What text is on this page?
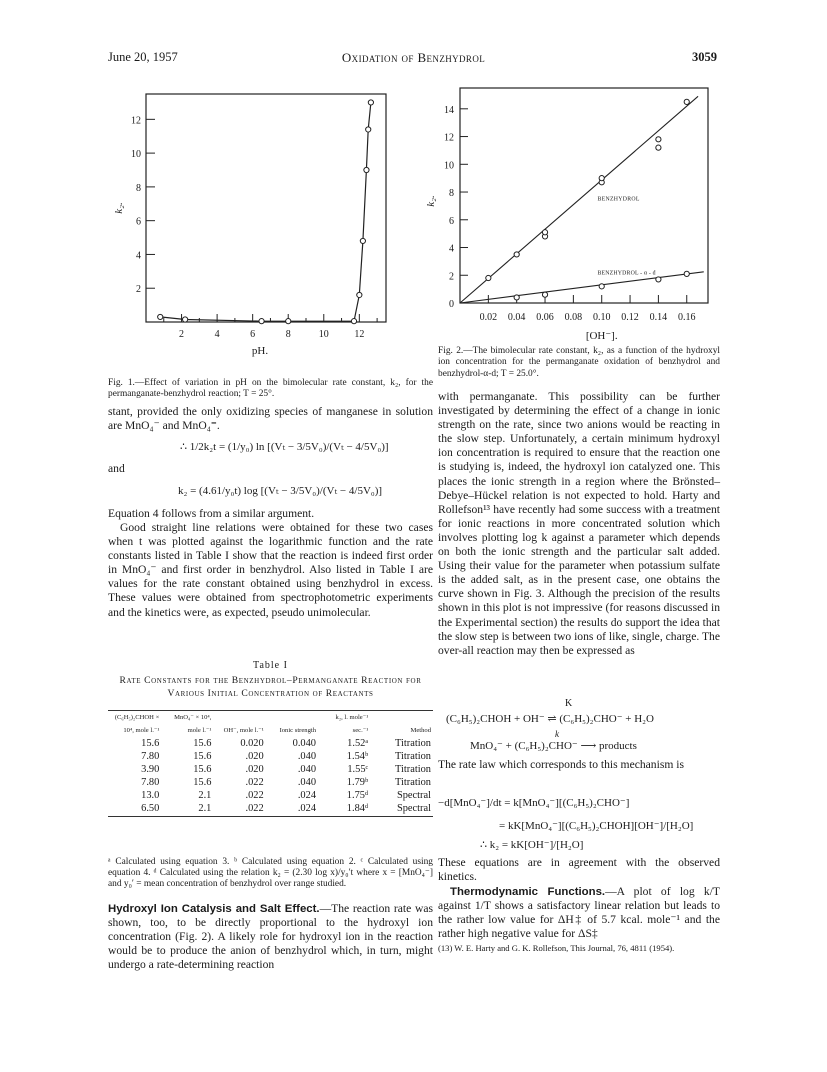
June 20, 1957	Oxidation of Benzhydrol	3059
2
4
6
8
10
12
2	4	6	8	10	12
k₂.
pH.
Fig. 1.—Effect of variation in pH on the bimolecular rate constant, k₂, for the permanganate-benzhydrol reaction; T = 25°.
0
2
4
6
8
10
12
14
0.02 0.04 0.06 0.08 0.10 0.12 0.14 0.16
k₂.
[OH⁻].
BENZHYDROL
BENZHYDROL - α - d
Fig. 2.—The bimolecular rate constant, k₂, as a function of the hydroxyl ion concentration for the permanganate oxidation of benzhydrol and benzhydrol-α-d; T = 25.0°.

stant, provided the only oxidizing species of manganese in solution are MnO₄⁻ and MnO₄⁼.

∴ 1/2k₂t = (1/y₀) ln [(Vₜ − 3/5V₀)/(Vₜ − 4/5V₀)]
and
k₂ = (4.61/y₀t) log [(Vₜ − 3/5V₀)/(Vₜ − 4/5V₀)]

Equation 4 follows from a similar argument.

Good straight line relations were obtained for these two cases when t was plotted against the logarithmic function and the rate constants listed in Table I show that the reaction is indeed first order in MnO₄⁻ and first order in benzhydrol. Also listed in Table I are values for the rate constant obtained using benzhydrol in excess. These values were obtained from spectrophotometric experiments and the kinetics were, as expected, pseudo unimolecular.

Table I
Rate Constants for the Benzhydrol–Permanganate Reaction for Various Initial Concentration of Reactants
(C₆H₅)₂CHOH × 10⁴, mole l.⁻¹	MnO₄⁻ × 10⁴, mole l.⁻¹	OH⁻, mole l.⁻¹	Ionic strength	k₂, l. mole⁻¹ sec.⁻¹	Method
15.6	15.6	0.020	0.040	1.52ᵃ	Titration
7.80	15.6	.020	.040	1.54ᵇ	Titration
3.90	15.6	.020	.040	1.55ᶜ	Titration
7.80	15.6	.022	.040	1.79ᵇ	Titration
13.0	2.1	.022	.024	1.75ᵈ	Spectral
6.50	2.1	.022	.024	1.84ᵈ	Spectral
ᵃ Calculated using equation 3. ᵇ Calculated using equation 2. ᶜ Calculated using equation 4. ᵈ Calculated using the relation k₂ = (2.30 log x)/y₀′t where x = [MnO₄⁻] and y₀′ = mean concentration of benzhydrol over range studied.

Hydroxyl Ion Catalysis and Salt Effect.—The reaction rate was shown, too, to be directly proportional to the hydroxyl ion concentration (Fig. 2). A likely role for hydroxyl ion in the reaction would be to produce the anion of benzhydrol which, in turn, might undergo a rate-determining reaction

with permanganate. This possibility can be further investigated by determining the effect of a change in ionic strength on the rate, since two anions would be reacting in the slow step. Unfortunately, a certain minimum hydroxyl ion concentration is required to ensure that the reaction one is studying is, indeed, the hydroxyl ion catalyzed one. This places the ionic strength in a region where the Brönsted–Debye–Hückel relation is not expected to hold. Harty and Rollefson¹³ have recently had some success with a treatment for ionic reactions in more concentrated solution which involves plotting log k against a parameter which depends on both the ionic strength and the particular salt added. Using their value for the parameter when potassium sulfate is the added salt, as in the present case, one obtains the curve shown in Fig. 3. Although the precision of the results shown in this plot is not impressive (for reasons discussed in the Experimental section) the results do support the idea that the slow step is between two ions of like, single, charge. The over-all reaction may then be expressed as

K
(C₆H₅)₂CHOH + OH⁻ ⇌ (C₆H₅)₂CHO⁻ + H₂O
k
MnO₄⁻ + (C₆H₅)₂CHO⁻ ⟶ products

The rate law which corresponds to this mechanism is

−d[MnO₄⁻]/dt = k[MnO₄⁻][(C₆H₅)₂CHO⁻]
= kK[MnO₄⁻][(C₆H₅)₂CHOH][OH⁻]/[H₂O]
∴ k₂ = kK[OH⁻]/[H₂O]

These equations are in agreement with the observed kinetics.

Thermodynamic Functions.—A plot of log k/T against 1/T shows a satisfactory linear relation but leads to the rather low value for ΔH‡ of 5.7 kcal. mole⁻¹ and the rather high negative value for ΔS‡

(13) W. E. Harty and G. K. Rollefson, This Journal, 76, 4811 (1954).
